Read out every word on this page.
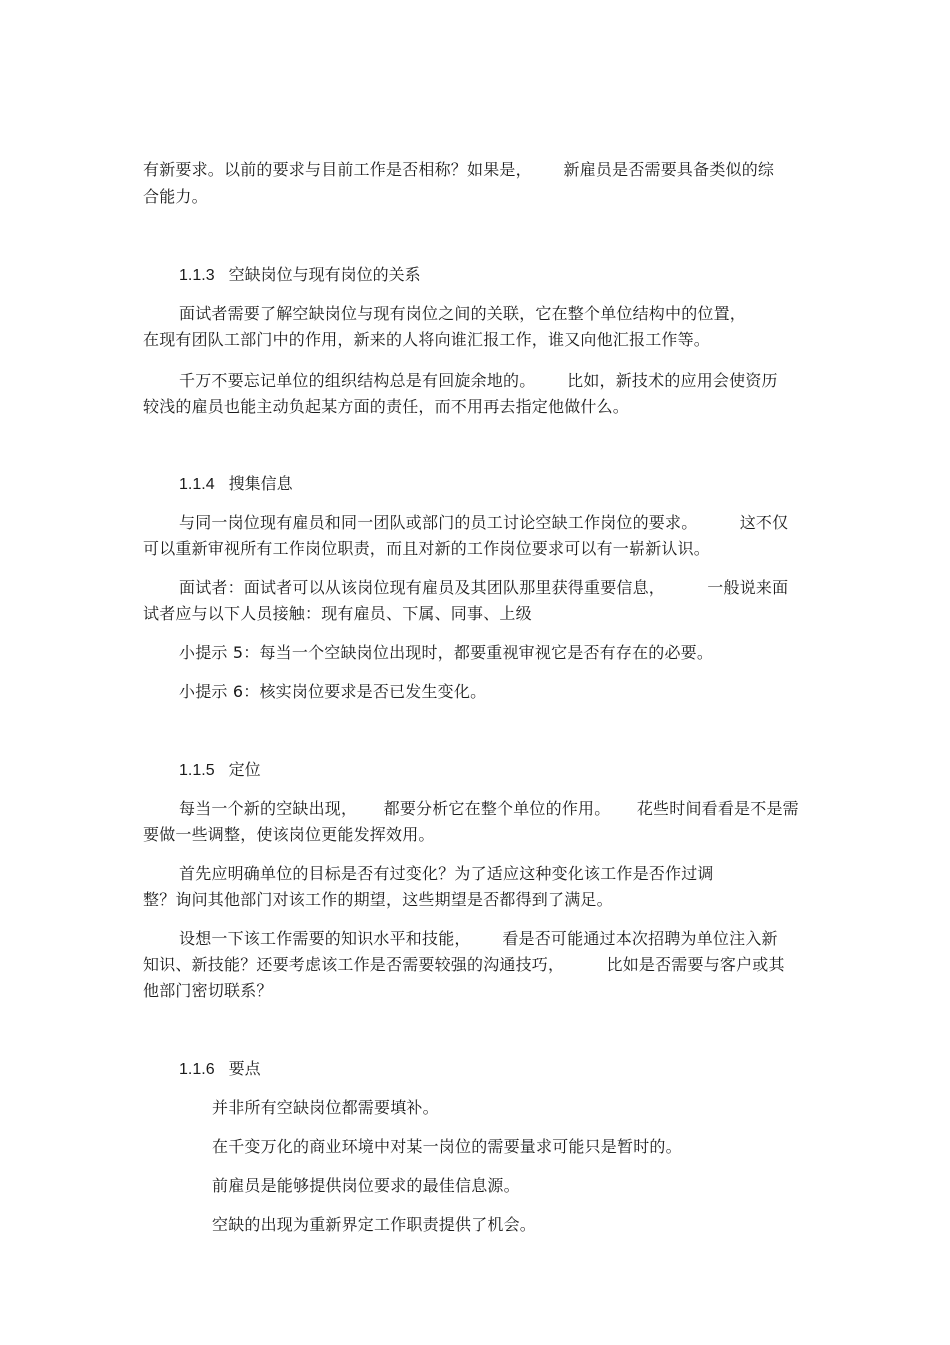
有新要求。以前的要求与目前工作是否相称？如果是，      新雇员是否需要具备类似的综
合能力。
1.1.3 空缺岗位与现有岗位的关系
面试者需要了解空缺岗位与现有岗位之间的关联，它在整个单位结构中的位置，
在现有团队工部门中的作用，新来的人将向谁汇报工作，谁又向他汇报工作等。
千万不要忘记单位的组织结构总是有回旋余地的。      比如，新技术的应用会使资历
较浅的雇员也能主动负起某方面的责任，而不用再去指定他做什么。
1.1.4 搜集信息
与同一岗位现有雇员和同一团队或部门的员工讨论空缺工作岗位的要求。        这不仅
可以重新审视所有工作岗位职责，而且对新的工作岗位要求可以有一崭新认识。
面试者：面试者可以从该岗位现有雇员及其团队那里获得重要信息，        一般说来面
试者应与以下人员接触：现有雇员、下属、同事、上级
小提示 5：每当一个空缺岗位出现时，都要重视审视它是否有存在的必要。
小提示 6：核实岗位要求是否已发生变化。
1.1.5 定位
每当一个新的空缺出现，     都要分析它在整个单位的作用。     花些时间看看是不是需
要做一些调整，使该岗位更能发挥效用。
首先应明确单位的目标是否有过变化？为了适应这种变化该工作是否作过调
整？询问其他部门对该工作的期望，这些期望是否都得到了满足。
设想一下该工作需要的知识水平和技能，      看是否可能通过本次招聘为单位注入新
知识、新技能？还要考虑该工作是否需要较强的沟通技巧，        比如是否需要与客户或其
他部门密切联系？
1.1.6 要点
并非所有空缺岗位都需要填补。
在千变万化的商业环境中对某一岗位的需要量求可能只是暂时的。
前雇员是能够提供岗位要求的最佳信息源。
空缺的出现为重新界定工作职责提供了机会。
